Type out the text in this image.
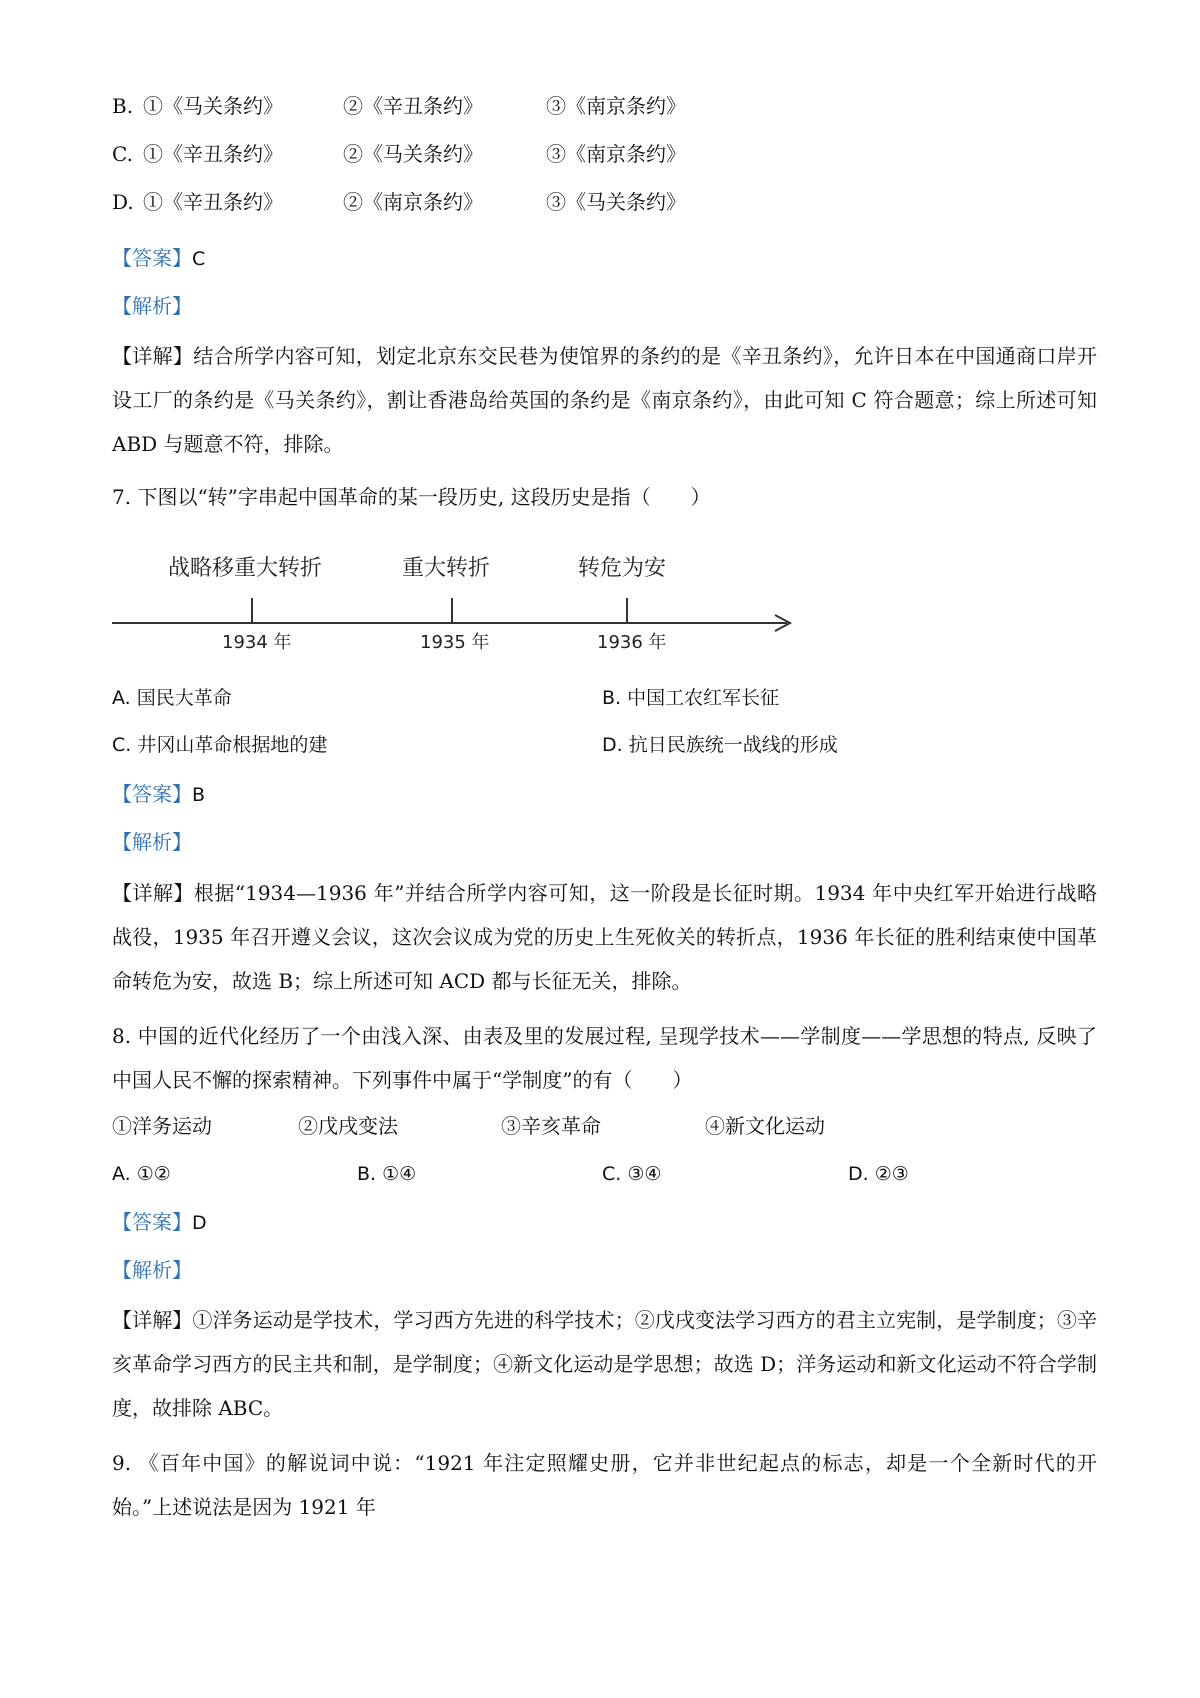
B. ①《马关条约》	②《辛丑条约》	③《南京条约》
C. ①《辛丑条约》	②《马关条约》	③《南京条约》
D. ①《辛丑条约》	②《南京条约》	③《马关条约》
【答案】C
【解析】
【详解】结合所学内容可知，划定北京东交民巷为使馆界的条约的是《辛丑条约》，允许日本在中国通商口岸开设工厂的条约是《马关条约》，割让香港岛给英国的条约是《南京条约》，由此可知 C 符合题意；综上所述可知 ABD 与题意不符，排除。
7. 下图以“转”字串起中国革命的某一段历史, 这段历史是指（　　）
战略移重大转折	重大转折	转危为安
1934 年	1935 年	1936 年
A. 国民大革命	B. 中国工农红军长征
C. 井冈山革命根据地的建	D. 抗日民族统一战线的形成
【答案】B
【解析】
【详解】根据“1934—1936 年”并结合所学内容可知，这一阶段是长征时期。1934 年中央红军开始进行战略战役，1935 年召开遵义会议，这次会议成为党的历史上生死攸关的转折点，1936 年长征的胜利结束使中国革命转危为安，故选 B；综上所述可知 ACD 都与长征无关，排除。
8. 中国的近代化经历了一个由浅入深、由表及里的发展过程, 呈现学技术——学制度——学思想的特点, 反映了中国人民不懈的探索精神。下列事件中属于“学制度”的有（　　）
①洋务运动	②戊戌变法	③辛亥革命	④新文化运动
A. ①②	B. ①④	C. ③④	D. ②③
【答案】D
【解析】
【详解】①洋务运动是学技术，学习西方先进的科学技术；②戊戌变法学习西方的君主立宪制，是学制度；③辛亥革命学习西方的民主共和制，是学制度；④新文化运动是学思想；故选 D；洋务运动和新文化运动不符合学制度，故排除 ABC。
9. 《百年中国》的解说词中说：“1921 年注定照耀史册，它并非世纪起点的标志，却是一个全新时代的开始。”上述说法是因为 1921 年
